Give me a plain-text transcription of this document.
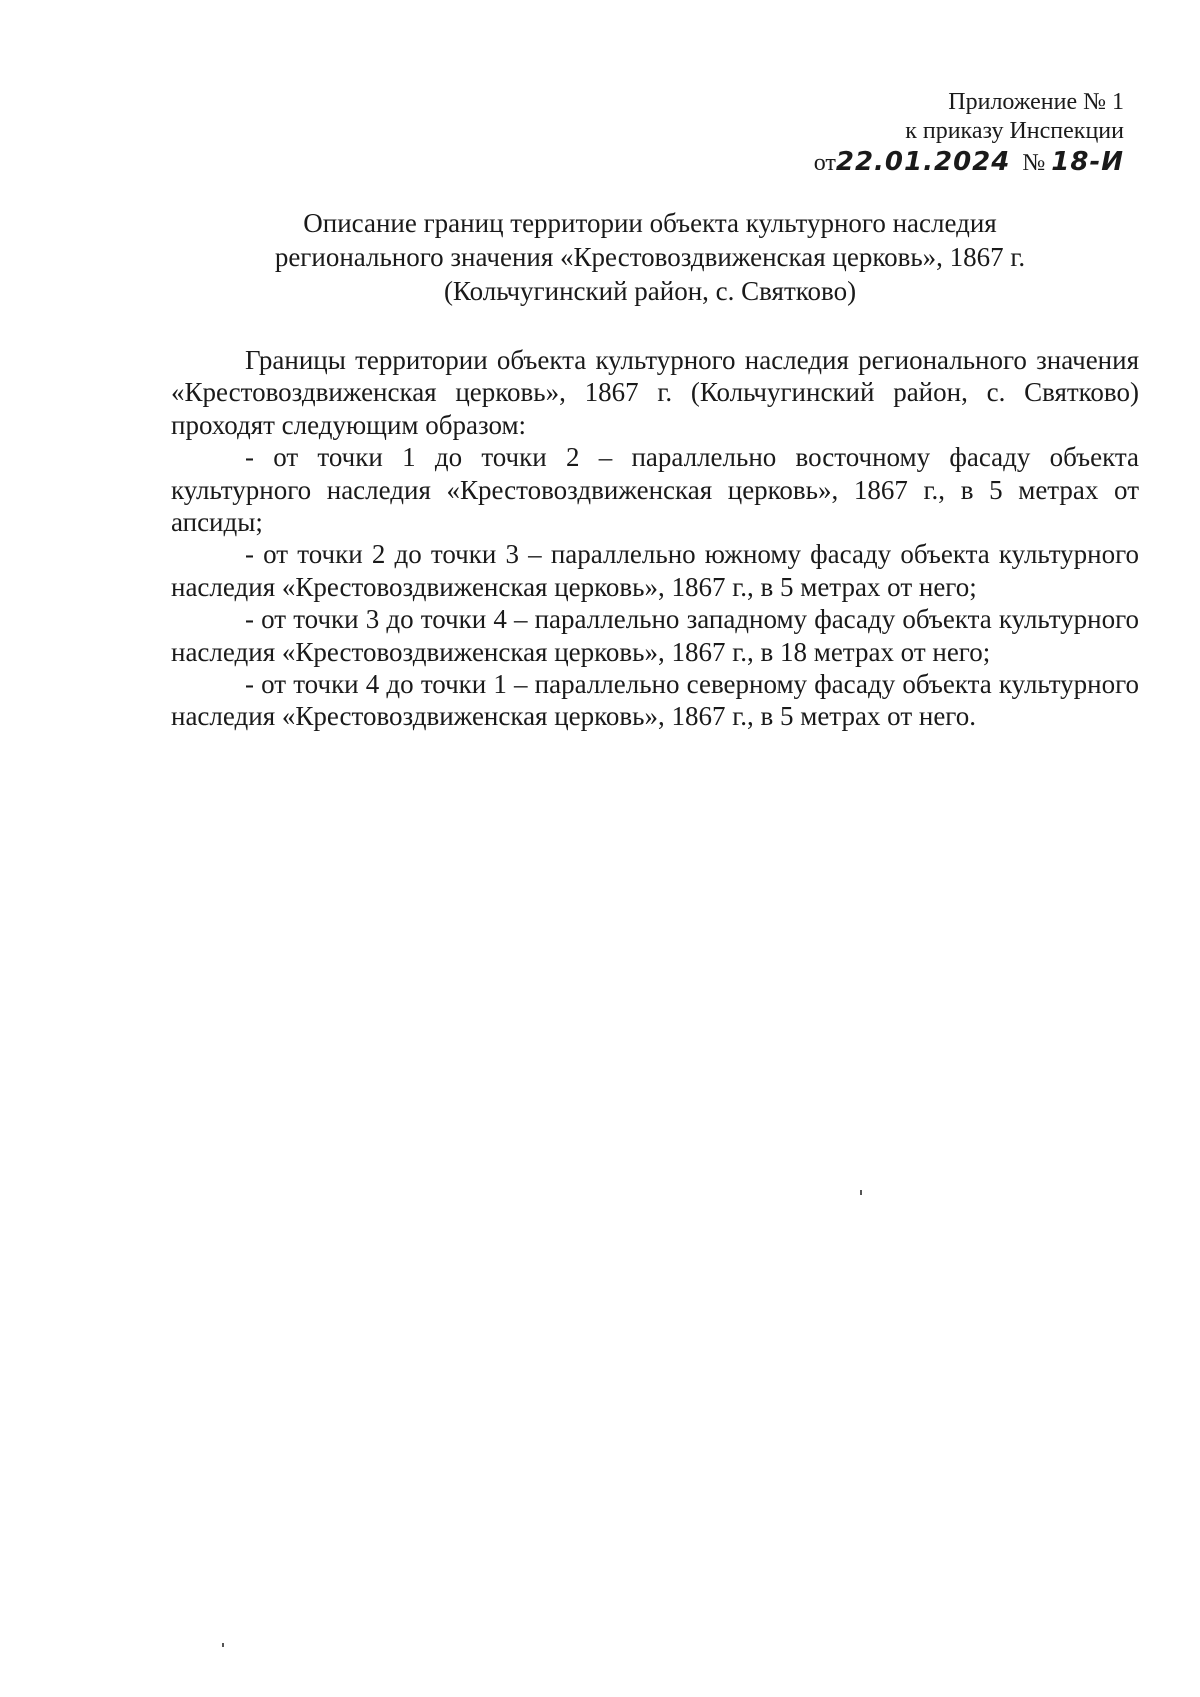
Приложение № 1
к приказу Инспекции
от22.01.2024 № 18-И
Описание границ территории объекта культурного наследия
регионального значения «Крестовоздвиженская церковь», 1867 г.
(Кольчугинский район, с. Святково)

Границы территории объекта культурного наследия регионального значения «Крестовоздвиженская церковь», 1867 г. (Кольчугинский район, с. Святково) проходят следующим образом:

- от точки 1 до точки 2 – параллельно восточному фасаду объекта культурного наследия «Крестовоздвиженская церковь», 1867 г., в 5 метрах от апсиды;

- от точки 2 до точки 3 – параллельно южному фасаду объекта культурного наследия «Крестовоздвиженская церковь», 1867 г., в 5 метрах от него;

- от точки 3 до точки 4 – параллельно западному фасаду объекта культурного наследия «Крестовоздвиженская церковь», 1867 г., в 18 метрах от него;

- от точки 4 до точки 1 – параллельно северному фасаду объекта культурного наследия «Крестовоздвиженская церковь», 1867 г., в 5 метрах от него.
